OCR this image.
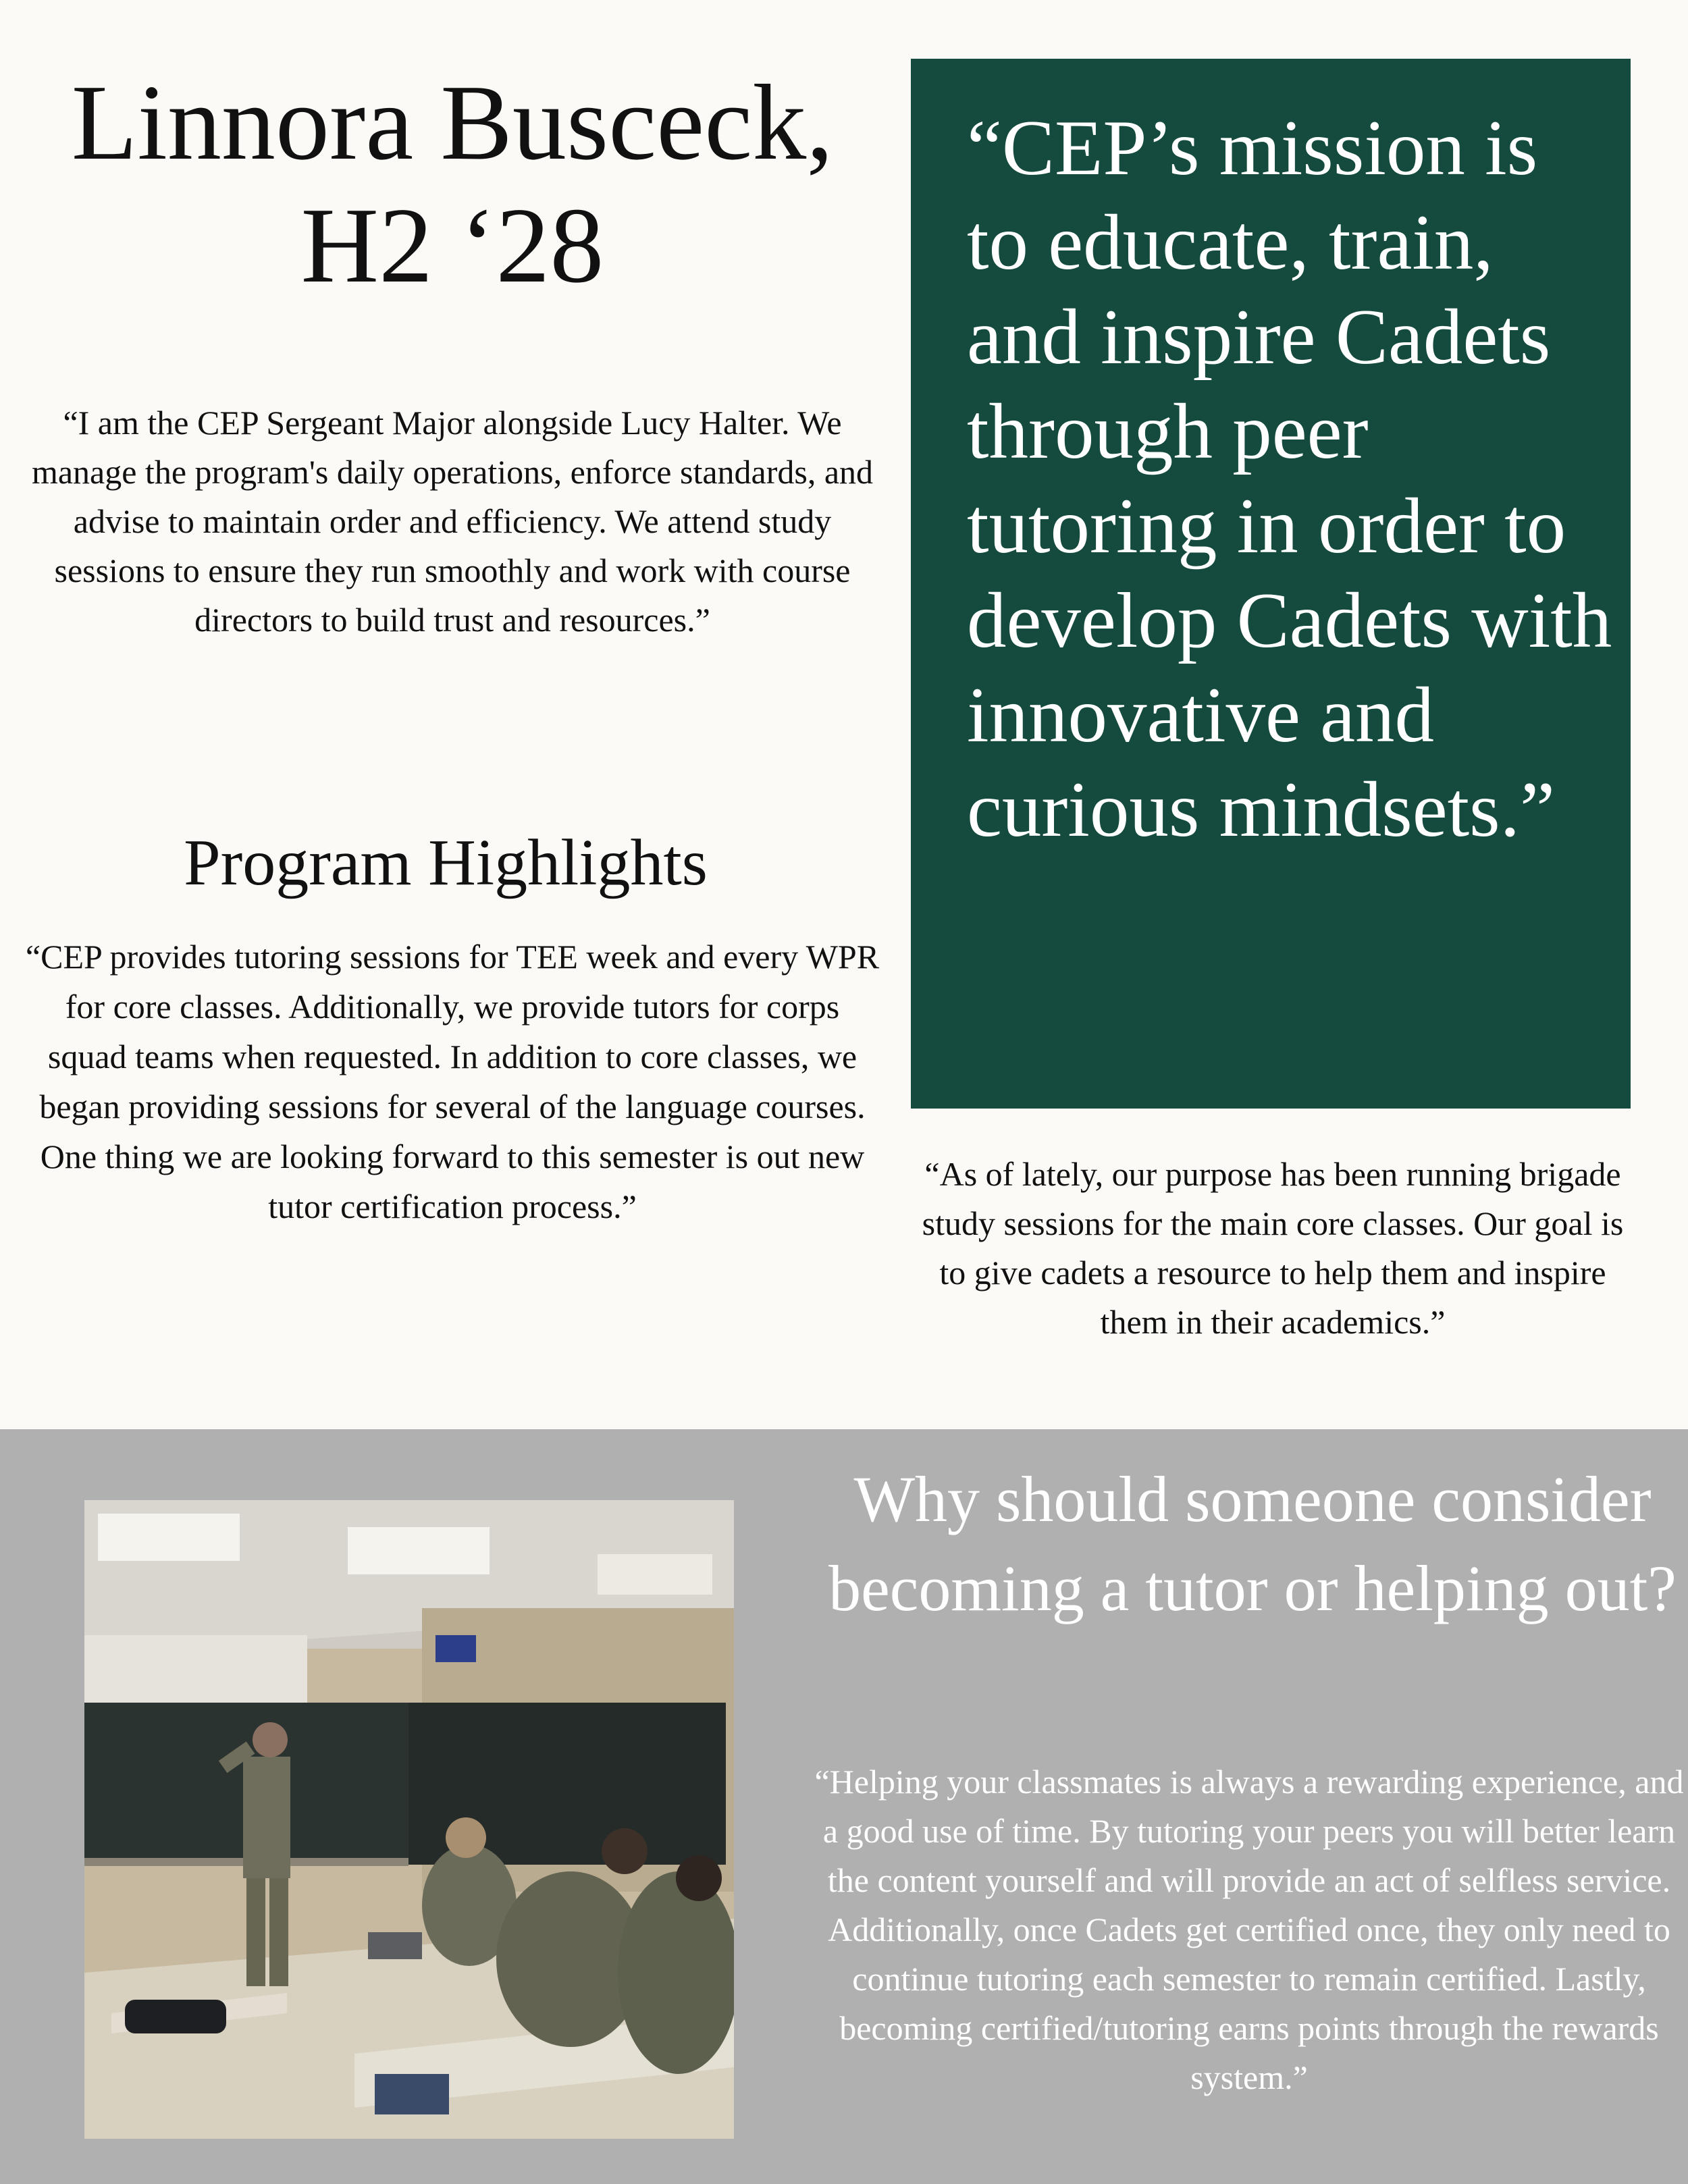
Linnora Busceck,
H2 ‘28
“I am the CEP Sergeant Major alongside Lucy Halter. We manage the program's daily operations, enforce standards, and advise to maintain order and efficiency. We attend study sessions to ensure they run smoothly and work with course directors to build trust and resources.”
Program Highlights
“CEP provides tutoring sessions for TEE week and every WPR for core classes. Additionally, we provide tutors for corps squad teams when requested. In addition to core classes, we began providing sessions for several of the language courses. One thing we are looking forward to this semester is out new tutor certification process.”
“CEP’s mission is to educate, train, and inspire Cadets through peer tutoring in order to develop Cadets with innovative and curious mindsets.”
“As of lately, our purpose has been running brigade study sessions for the main core classes. Our goal is to give cadets a resource to help them and inspire them in their academics.”
Why should someone consider becoming a tutor or helping out?
“Helping your classmates is always a rewarding experience, and a good use of time. By tutoring your peers you will better learn the content yourself and will provide an act of selfless service. Additionally, once Cadets get certified once, they only need to continue tutoring each semester to remain certified. Lastly, becoming certified/tutoring earns points through the rewards system.”
